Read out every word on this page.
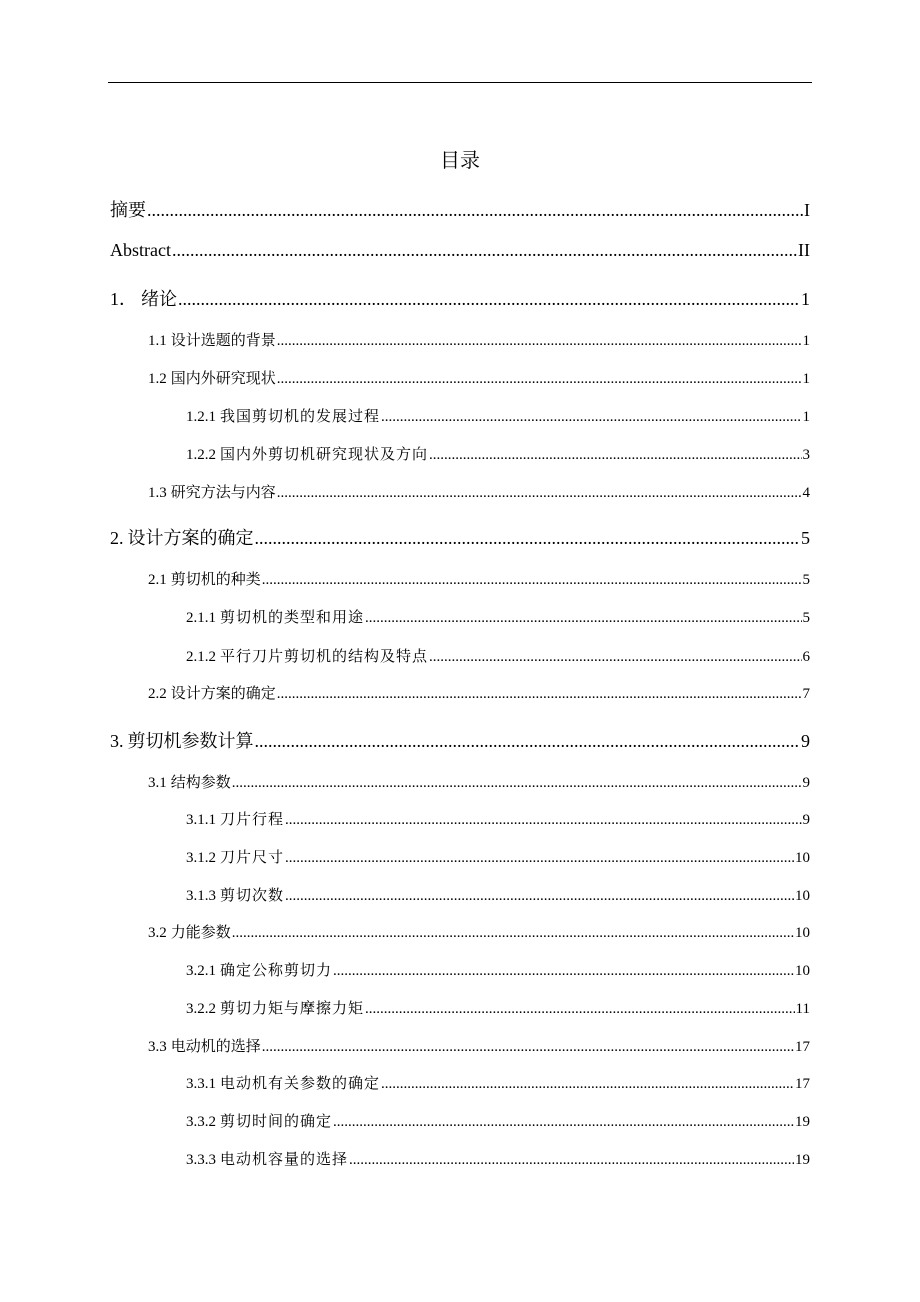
目录
摘要 .....	I
Abstract .....	II
1． 绪论 .....	1
1.1 设计选题的背景 .....	1
1.2 国内外研究现状 .....	1
1.2.1 我国剪切机的发展过程 .....	1
1.2.2 国内外剪切机研究现状及方向 .....	3
1.3 研究方法与内容 .....	4
2. 设计方案的确定 .....	5
2.1 剪切机的种类 .....	5
2.1.1 剪切机的类型和用途 .....	5
2.1.2 平行刀片剪切机的结构及特点 .....	6
2.2 设计方案的确定 .....	7
3. 剪切机参数计算 .....	9
3.1 结构参数 .....	9
3.1.1 刀片行程 .....	9
3.1.2 刀片尺寸 .....	10
3.1.3 剪切次数 .....	10
3.2 力能参数 .....	10
3.2.1 确定公称剪切力 .....	10
3.2.2 剪切力矩与摩擦力矩 .....	11
3.3 电动机的选择 .....	17
3.3.1 电动机有关参数的确定 .....	17
3.3.2 剪切时间的确定 .....	19
3.3.3 电动机容量的选择 .....	19
